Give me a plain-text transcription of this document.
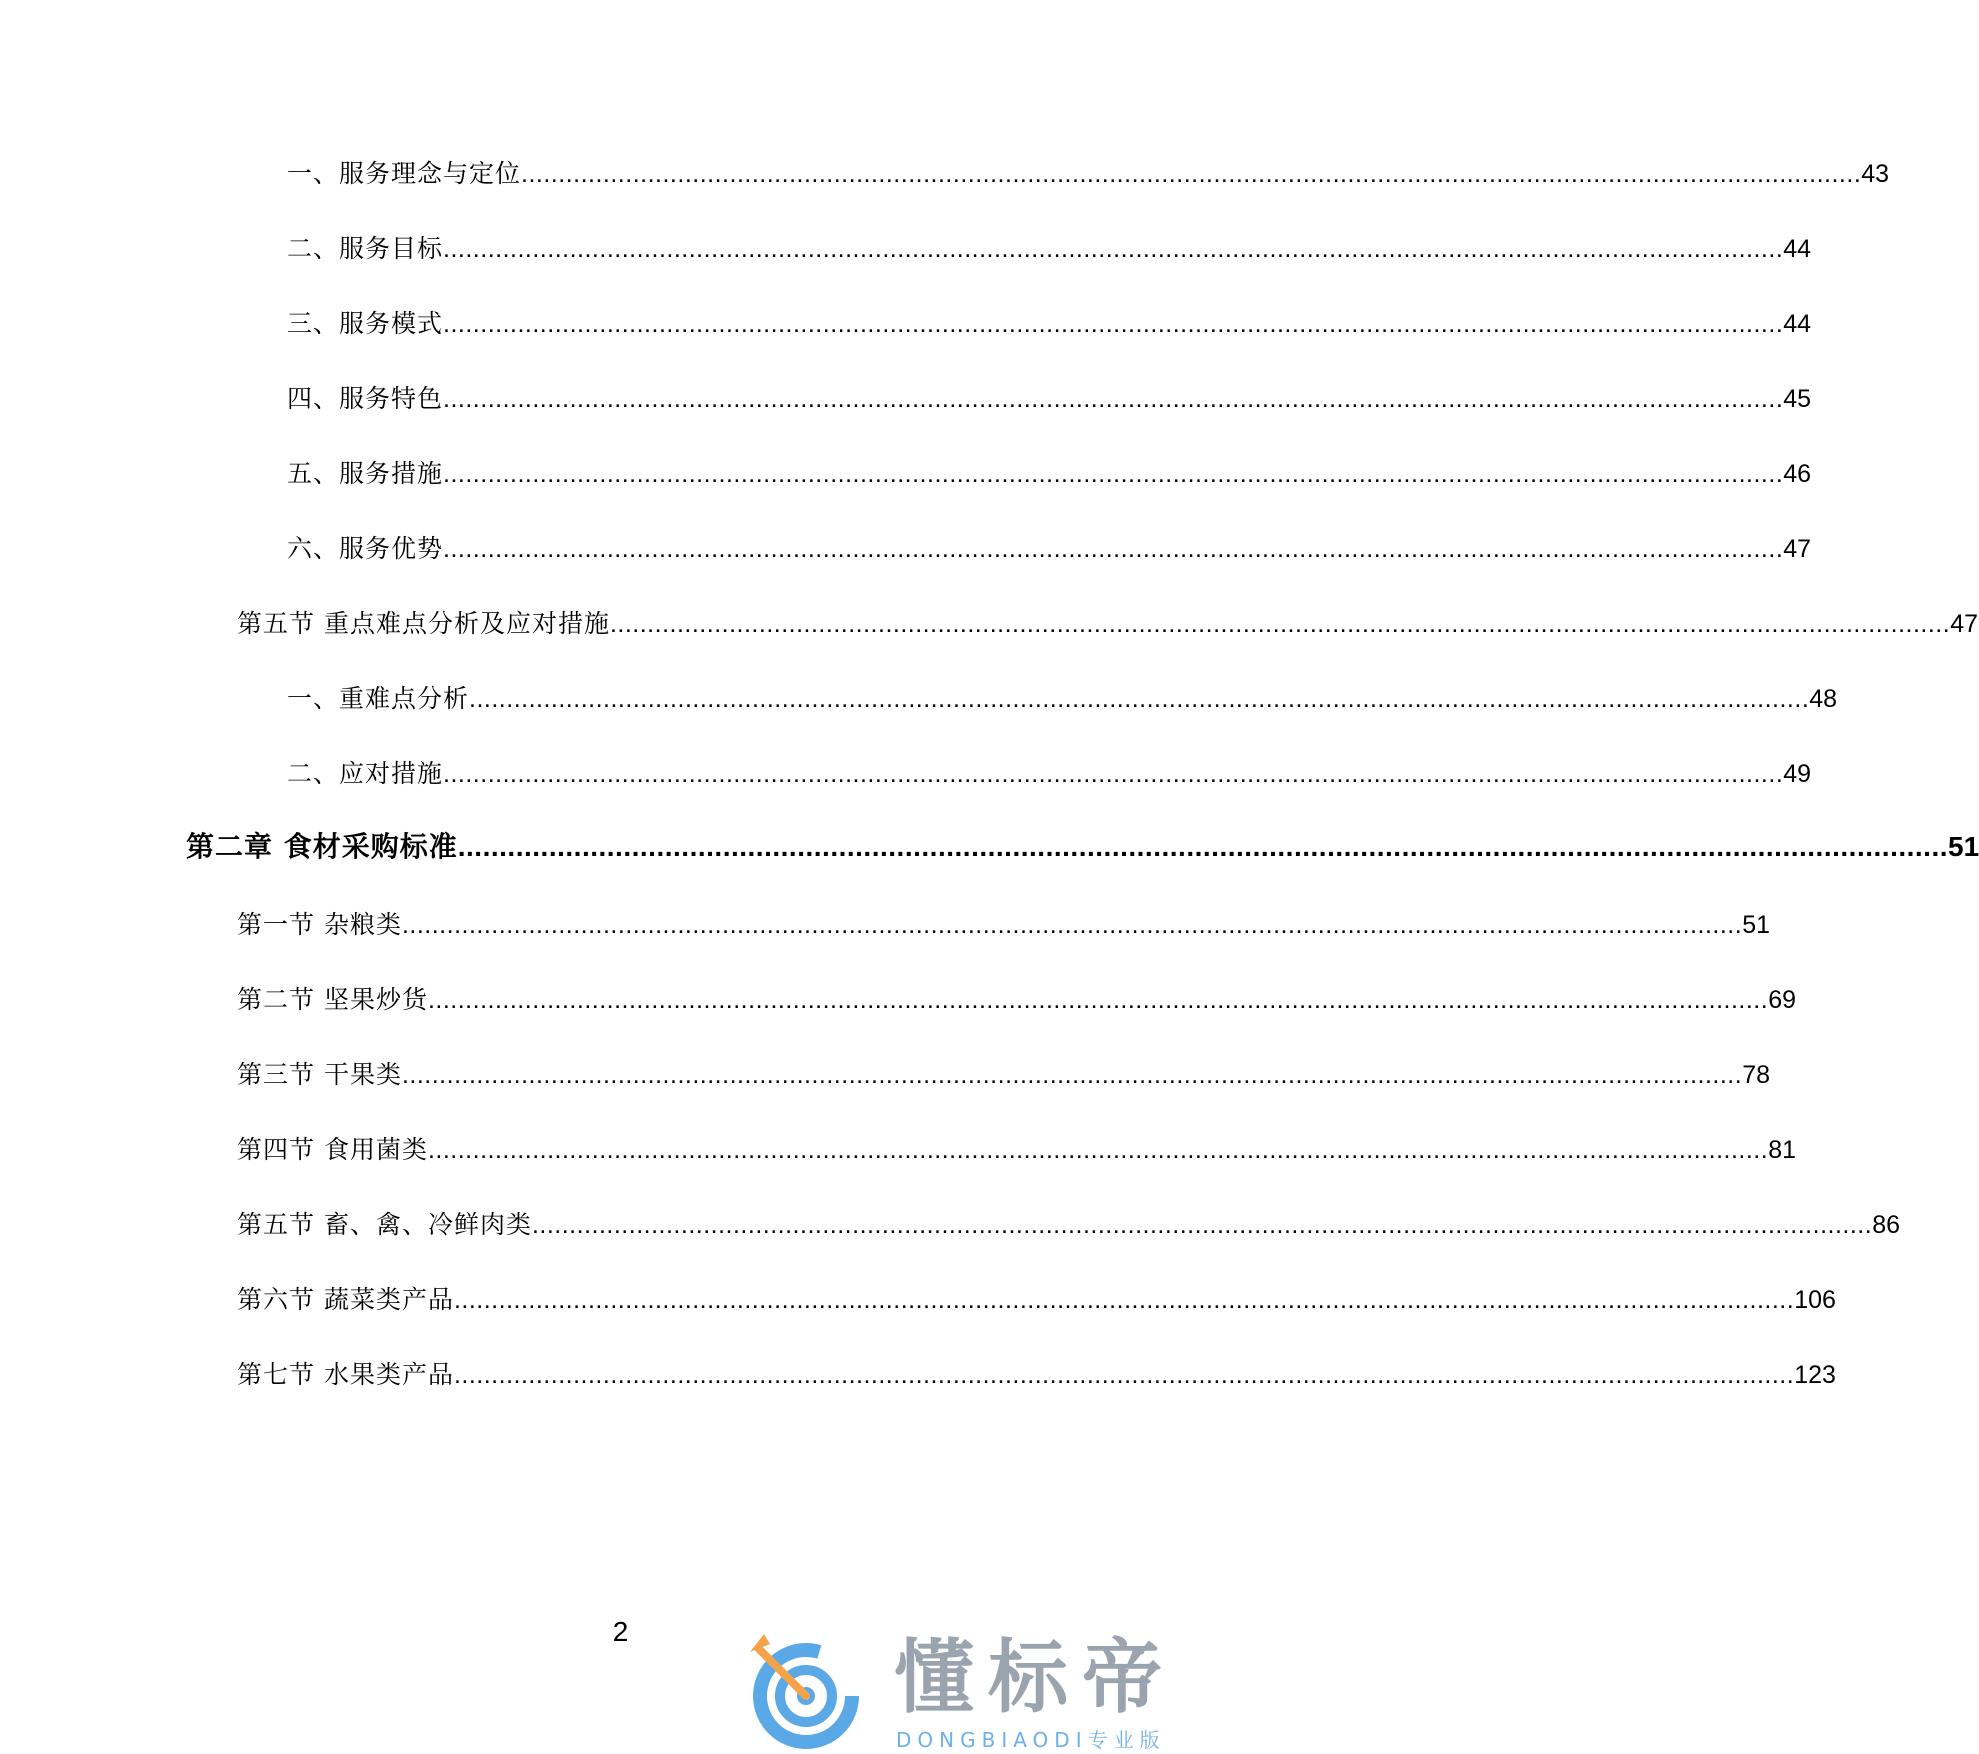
一、服务理念与定位 .................................................................................................................................................................................... 43
二、服务目标 .................................................................................................................................................................................... 44
三、服务模式 .................................................................................................................................................................................... 44
四、服务特色 .................................................................................................................................................................................... 45
五、服务措施 .................................................................................................................................................................................... 46
六、服务优势 .................................................................................................................................................................................... 47
第五节 重点难点分析及应对措施 .................................................................................................................................................................................... 47
一、重难点分析 .................................................................................................................................................................................... 48
二、应对措施 .................................................................................................................................................................................... 49
第二章 食材采购标准 .................................................................................................................................................................................... 51
第一节 杂粮类 .................................................................................................................................................................................... 51
第二节 坚果炒货 .................................................................................................................................................................................... 69
第三节 干果类 .................................................................................................................................................................................... 78
第四节 食用菌类 .................................................................................................................................................................................... 81
第五节 畜、禽、冷鲜肉类 .................................................................................................................................................................................... 86
第六节 蔬菜类产品 .................................................................................................................................................................................... 106
第七节 水果类产品 .................................................................................................................................................................................... 123
2	懂标帝
DONGBIAODI专业版
